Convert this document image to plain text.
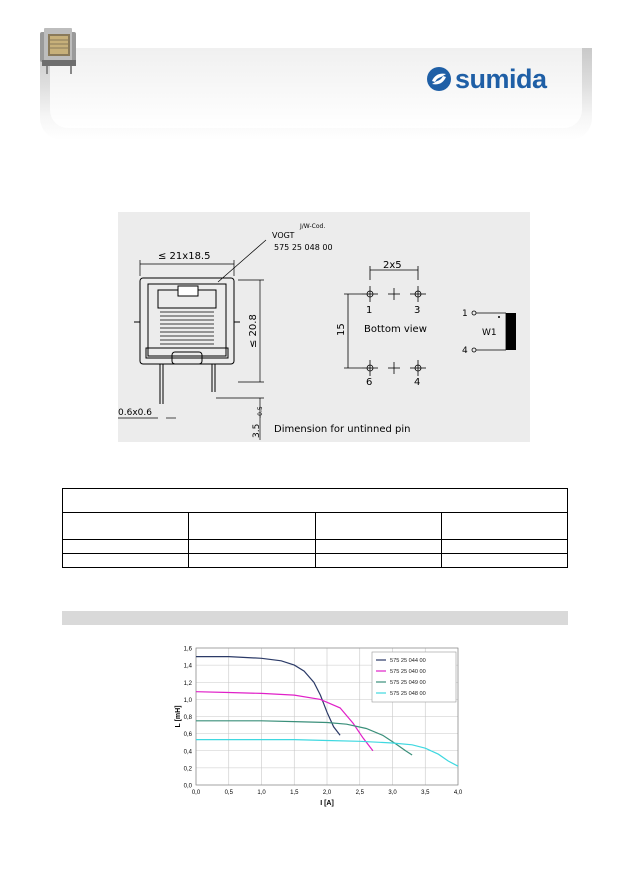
sumida
≤ 21x18.5
≤ 20.8
VOGT
J/W-Cod.
575 25 048 00
0.6x0.6
3.5
-0.5
Dimension for untinned pin
2x5
15
1	3
6	4
Bottom view
1
4
W1

0,0
0,2
0,4
0,6
0,8
1,0
1,2
1,4
1,6
0,0	0,5	1,0	1,5	2,0	2,5	3,0	3,5	4,0
I [A]
L [mH]
575 25 044 00
575 25 040 00
575 25 049 00
575 25 048 00
